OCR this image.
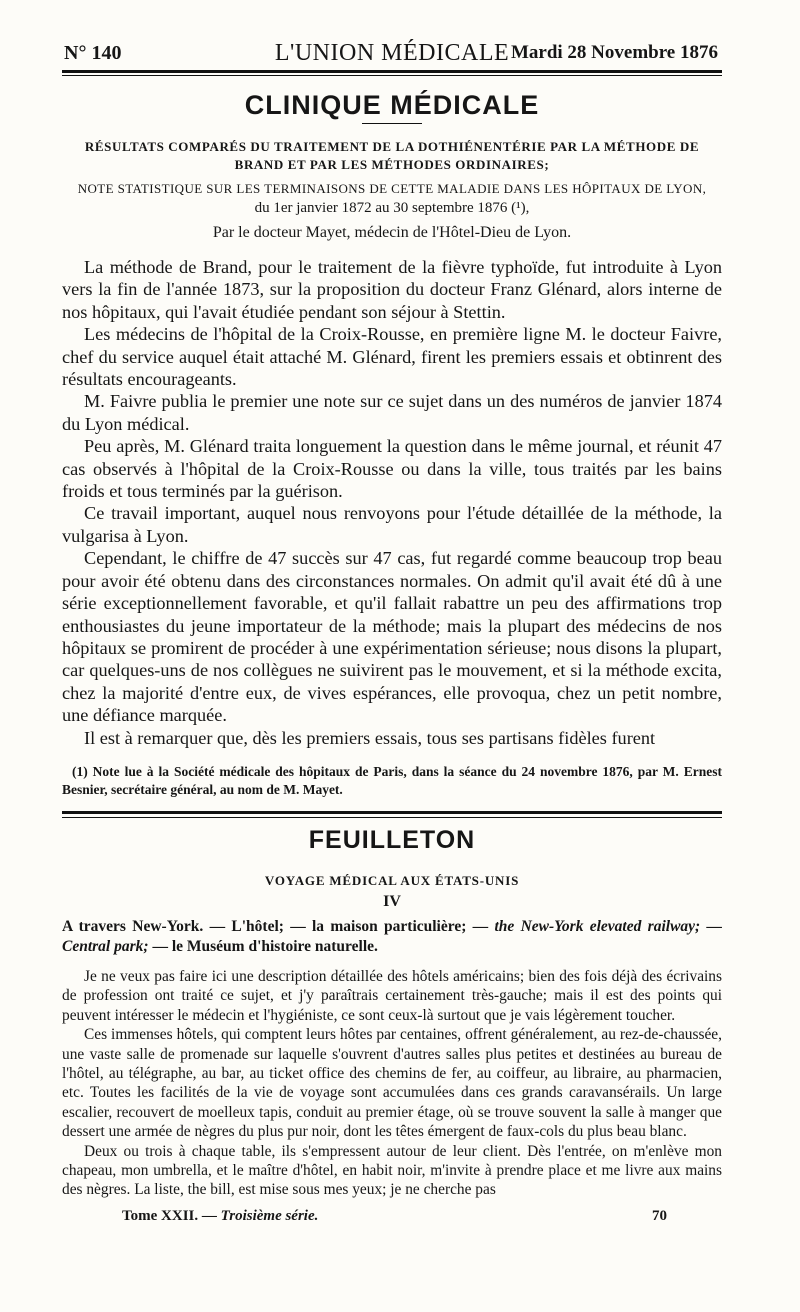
N° 140	L'UNION MÉDICALE Mardi 28 Novembre 1876
CLINIQUE MÉDICALE
RÉSULTATS COMPARÉS DU TRAITEMENT DE LA DOTHIÉNENTÉRIE PAR LA MÉTHODE DE BRAND ET PAR LES MÉTHODES ORDINAIRES;
NOTE STATISTIQUE SUR LES TERMINAISONS DE CETTE MALADIE DANS LES HÔPITAUX DE LYON,
du 1er janvier 1872 au 30 septembre 1876 (¹),
Par le docteur Mayet, médecin de l'Hôtel-Dieu de Lyon.

La méthode de Brand, pour le traitement de la fièvre typhoïde, fut introduite à Lyon vers la fin de l'année 1873, sur la proposition du docteur Franz Glénard, alors interne de nos hôpitaux, qui l'avait étudiée pendant son séjour à Stettin.

Les médecins de l'hôpital de la Croix-Rousse, en première ligne M. le docteur Faivre, chef du service auquel était attaché M. Glénard, firent les premiers essais et obtinrent des résultats encourageants.

M. Faivre publia le premier une note sur ce sujet dans un des numéros de janvier 1874 du Lyon médical.

Peu après, M. Glénard traita longuement la question dans le même journal, et réunit 47 cas observés à l'hôpital de la Croix-Rousse ou dans la ville, tous traités par les bains froids et tous terminés par la guérison.

Ce travail important, auquel nous renvoyons pour l'étude détaillée de la méthode, la vulgarisa à Lyon.

Cependant, le chiffre de 47 succès sur 47 cas, fut regardé comme beaucoup trop beau pour avoir été obtenu dans des circonstances normales. On admit qu'il avait été dû à une série exceptionnellement favorable, et qu'il fallait rabattre un peu des affirmations trop enthousiastes du jeune importateur de la méthode; mais la plupart des médecins de nos hôpitaux se promirent de procéder à une expérimentation sérieuse; nous disons la plupart, car quelques-uns de nos collègues ne suivirent pas le mouvement, et si la méthode excita, chez la majorité d'entre eux, de vives espérances, elle provoqua, chez un petit nombre, une défiance marquée.

Il est à remarquer que, dès les premiers essais, tous ses partisans fidèles furent

(1) Note lue à la Société médicale des hôpitaux de Paris, dans la séance du 24 novembre 1876, par M. Ernest Besnier, secrétaire général, au nom de M. Mayet.
FEUILLETON
VOYAGE MÉDICAL AUX ÉTATS-UNIS
IV
A travers New-York. — L'hôtel; — la maison particulière; — the New-York elevated railway; — Central park; — le Muséum d'histoire naturelle.

Je ne veux pas faire ici une description détaillée des hôtels américains; bien des fois déjà des écrivains de profession ont traité ce sujet, et j'y paraîtrais certainement très-gauche; mais il est des points qui peuvent intéresser le médecin et l'hygiéniste, ce sont ceux-là surtout que je vais légèrement toucher.

Ces immenses hôtels, qui comptent leurs hôtes par centaines, offrent généralement, au rez-de-chaussée, une vaste salle de promenade sur laquelle s'ouvrent d'autres salles plus petites et destinées au bureau de l'hôtel, au télégraphe, au bar, au ticket office des chemins de fer, au coiffeur, au libraire, au pharmacien, etc. Toutes les facilités de la vie de voyage sont accumulées dans ces grands caravansérails. Un large escalier, recouvert de moelleux tapis, conduit au premier étage, où se trouve souvent la salle à manger que dessert une armée de nègres du plus pur noir, dont les têtes émergent de faux-cols du plus beau blanc.

Deux ou trois à chaque table, ils s'empressent autour de leur client. Dès l'entrée, on m'enlève mon chapeau, mon umbrella, et le maître d'hôtel, en habit noir, m'invite à prendre place et me livre aux mains des nègres. La liste, the bill, est mise sous mes yeux; je ne cherche pas

Tome XXII. — Troisième série.	70
